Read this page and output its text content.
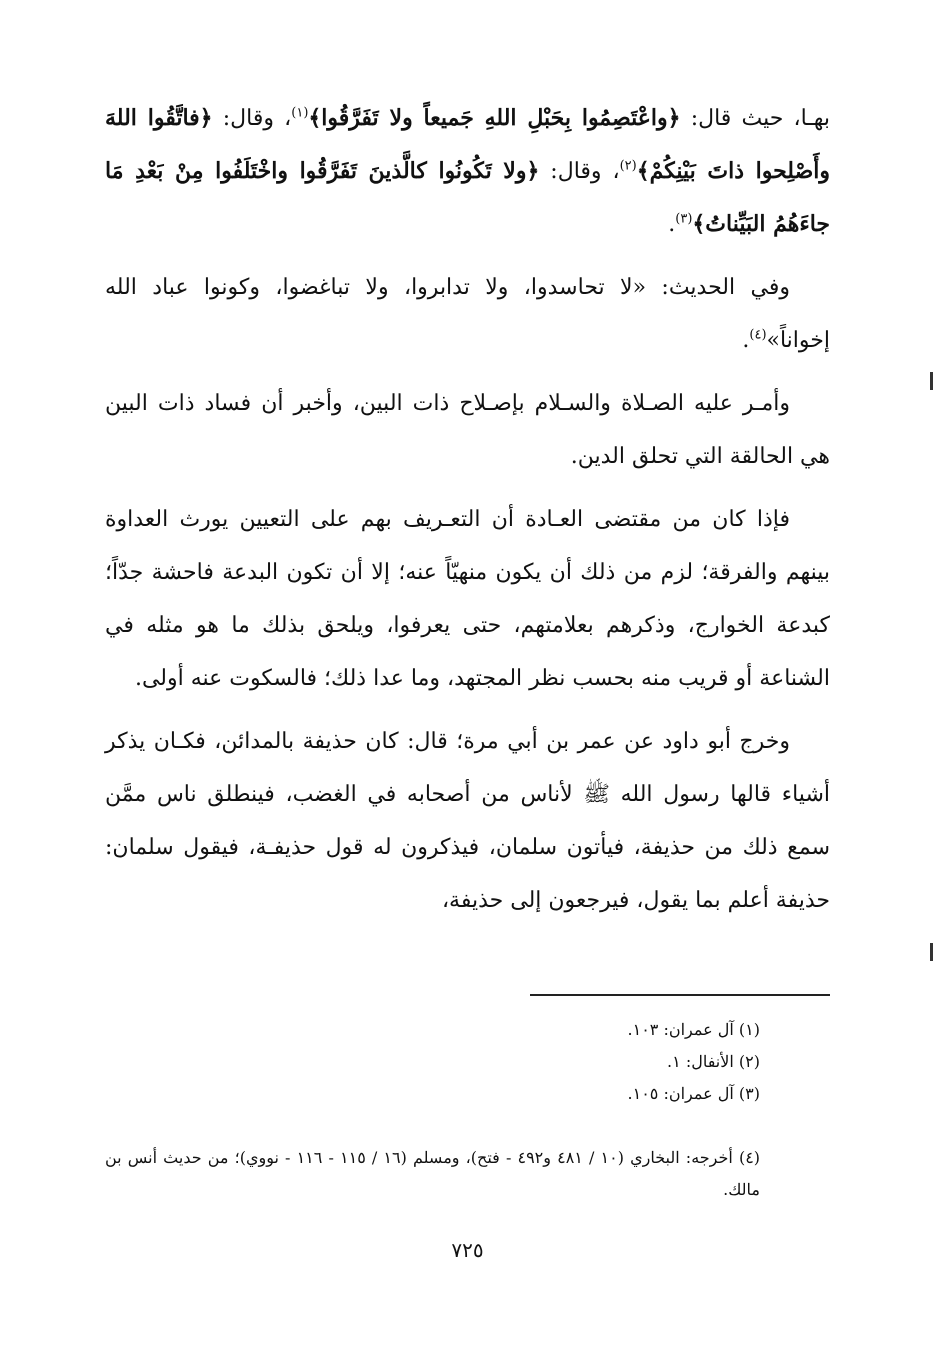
بهـا، حيث قال: ﴿واعْتَصِمُوا بِحَبْلِ اللهِ جَميعاً ولا تَفَرَّقُوا﴾$^{(١)}$، وقال: ﴿فاتَّقُوا اللهَ وأَصْلِحوا ذاتَ بَيْنِكُمْ﴾$^{(٢)}$، وقال: ﴿ولا تَكُونُوا كالَّذينَ تَفَرَّقُوا واخْتَلَفُوا مِنْ بَعْدِ مَا جاءَهُمُ البَيِّناتُ﴾$^{(٣)}$.

وفي الحديث: «لا تحاسدوا، ولا تدابروا، ولا تباغضوا، وكونوا عباد الله إخواناً»$^{(٤)}$.

وأمـر عليه الصـلاة والسـلام بإصـلاح ذات البين، وأخبر أن فساد ذات البين هي الحالقة التي تحلق الدين.

فإذا كان من مقتضى العـادة أن التعـريف بهم على التعيين يورث العداوة بينهم والفرقة؛ لزم من ذلك أن يكون منهيّاً عنه؛ إلا أن تكون البدعة فاحشة جدّاً؛ كبدعة الخوارج، وذكرهم بعلامتهم، حتى يعرفوا، ويلحق بذلك ما هو مثله في الشناعة أو قريب منه بحسب نظر المجتهد، وما عدا ذلك؛ فالسكوت عنه أولى.

وخرج أبو داود عن عمر بن أبي مرة؛ قال: كان حذيفة بالمدائن، فكـان يذكر أشياء قالها رسول الله ﷺ لأناس من أصحابه في الغضب، فينطلق ناس ممَّن سمع ذلك من حذيفة، فيأتون سلمان، فيذكرون له قول حذيفـة، فيقول سلمان: حذيفة أعلم بما يقول، فيرجعون إلى حذيفة،

(١) آل عمران: ١٠٣.

(٢) الأنفال: ١.

(٣) آل عمران: ١٠٥.

(٤) أخرجه: البخاري (١٠ / ٤٨١ و٤٩٢ - فتح)، ومسلم (١٦ / ١١٥ - ١١٦ - نووي)؛ من حديث أنس بن مالك.

٧٢٥
